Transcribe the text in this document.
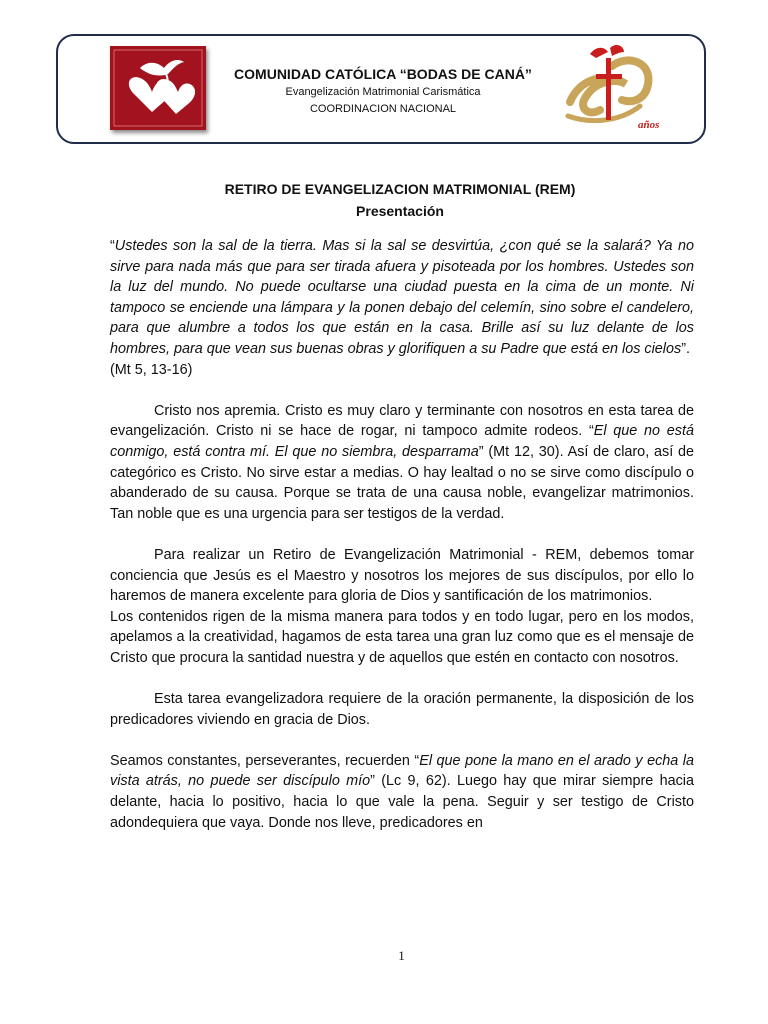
COMUNIDAD CATÓLICA “BODAS DE CANÁ”
Evangelización Matrimonial Carismática
COORDINACION NACIONAL
años
RETIRO DE EVANGELIZACION MATRIMONIAL (REM)
Presentación

“Ustedes son la sal de la tierra. Mas si la sal se desvirtúa, ¿con qué se la salará? Ya no sirve para nada más que para ser tirada afuera y pisoteada por los hombres. Ustedes son la luz del mundo. No puede ocultarse una ciudad puesta en la cima de un monte. Ni tampoco se enciende una lámpara y la ponen debajo del celemín, sino sobre el candelero, para que alumbre a todos los que están en la casa. Brille así su luz delante de los hombres, para que vean sus buenas obras y glorifiquen a su Padre que está en los cielos”.

(Mt 5, 13-16)

Cristo nos apremia. Cristo es muy claro y terminante con nosotros en esta tarea de evangelización. Cristo ni se hace de rogar, ni tampoco admite rodeos. “El que no está conmigo, está contra mí. El que no siembra, desparrama” (Mt 12, 30). Así de claro, así de categórico es Cristo. No sirve estar a medias. O hay lealtad o no se sirve como discípulo o abanderado de su causa. Porque se trata de una causa noble, evangelizar matrimonios. Tan noble que es una urgencia para ser testigos de la verdad.

Para realizar un Retiro de Evangelización Matrimonial - REM, debemos tomar conciencia que Jesús es el Maestro y nosotros los mejores de sus discípulos, por ello lo haremos de manera excelente para gloria de Dios y santificación de los matrimonios.

Los contenidos rigen de la misma manera para todos y en todo lugar, pero en los modos, apelamos a la creatividad, hagamos de esta tarea una gran luz como que es el mensaje de Cristo que procura la santidad nuestra y de aquellos que estén en contacto con nosotros.

Esta tarea evangelizadora requiere de la oración permanente, la disposición de los predicadores viviendo en gracia de Dios.

Seamos constantes, perseverantes, recuerden “El que pone la mano en el arado y echa la vista atrás, no puede ser discípulo mío” (Lc 9, 62). Luego hay que mirar siempre hacia delante, hacia lo positivo, hacia lo que vale la pena. Seguir y ser testigo de Cristo adondequiera que vaya. Donde nos lleve, predicadores en

1
